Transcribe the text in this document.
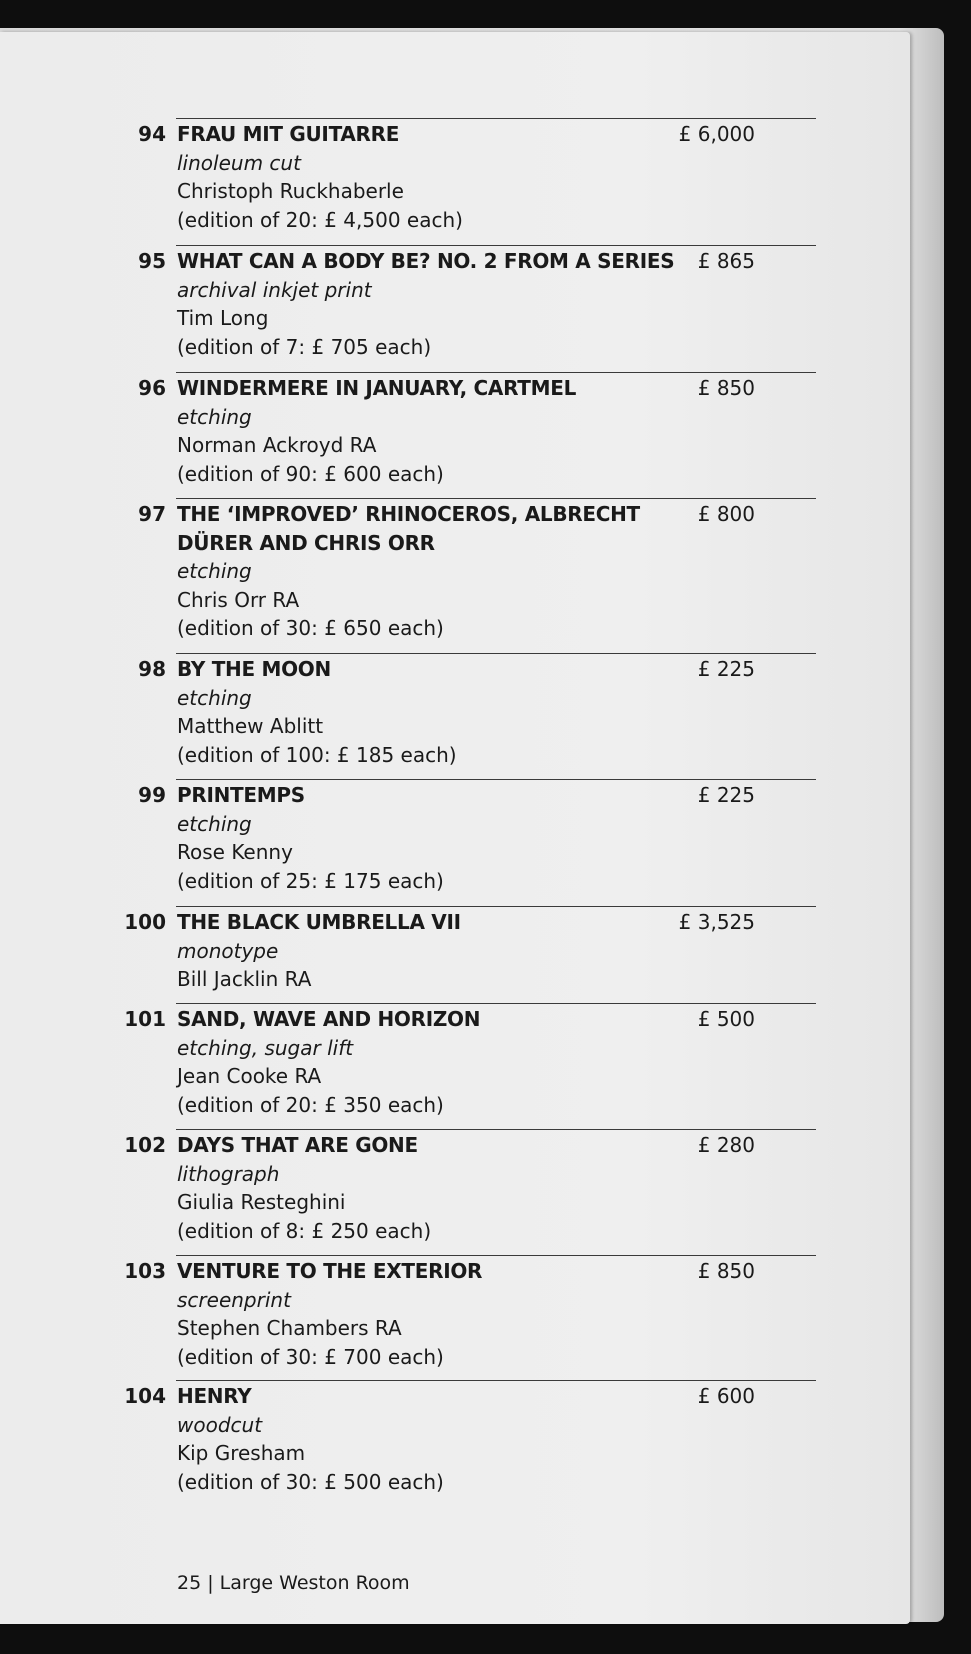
94 FRAU MIT GUITARRE
linoleum cut
Christoph Ruckhaberle
(edition of 20: £ 4,500 each)
£ 6,000
95 WHAT CAN A BODY BE? NO. 2 FROM A SERIES
archival inkjet print
Tim Long
(edition of 7: £ 705 each)
£ 865
96 WINDERMERE IN JANUARY, CARTMEL
etching
Norman Ackroyd RA
(edition of 90: £ 600 each)
£ 850
97 THE ‘IMPROVED’ RHINOCEROS, ALBRECHT DÜRER AND CHRIS ORR
etching
Chris Orr RA
(edition of 30: £ 650 each)
£ 800
98 BY THE MOON
etching
Matthew Ablitt
(edition of 100: £ 185 each)
£ 225
99 PRINTEMPS
etching
Rose Kenny
(edition of 25: £ 175 each)
£ 225
100 THE BLACK UMBRELLA VII
monotype
Bill Jacklin RA
£ 3,525
101 SAND, WAVE AND HORIZON
etching, sugar lift
Jean Cooke RA
(edition of 20: £ 350 each)
£ 500
102 DAYS THAT ARE GONE
lithograph
Giulia Resteghini
(edition of 8: £ 250 each)
£ 280
103 VENTURE TO THE EXTERIOR
screenprint
Stephen Chambers RA
(edition of 30: £ 700 each)
£ 850
104 HENRY
woodcut
Kip Gresham
(edition of 30: £ 500 each)
£ 600
25 | Large Weston Room
